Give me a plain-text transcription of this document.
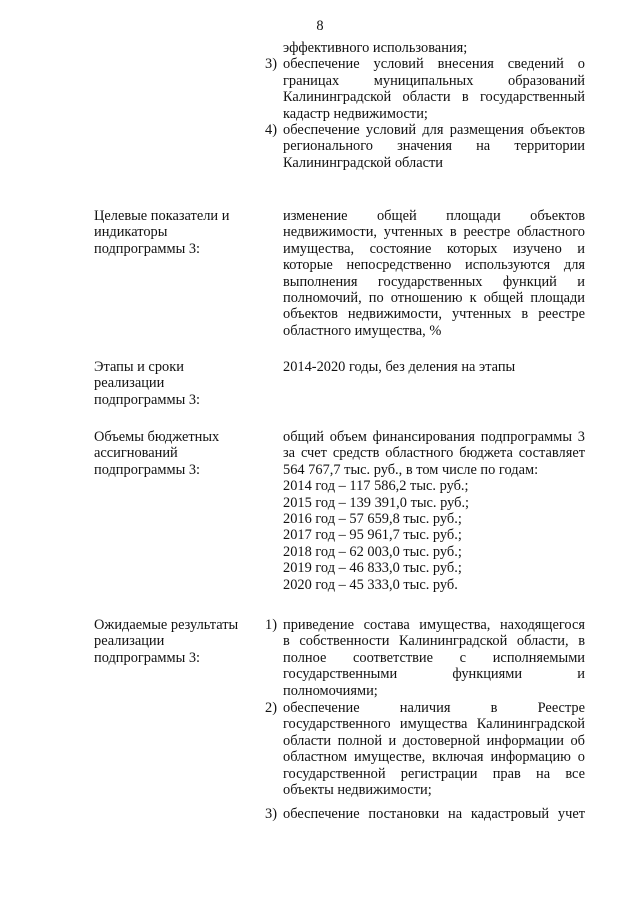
8
эффективного использования;
3) обеспечение условий внесения сведений о
границах муниципальных образований
Калининградской области в государственный
кадастр недвижимости;
4) обеспечение условий для размещения объектов
регионального значения на территории
Калининградской области
Целевые показатели и
индикаторы
подпрограммы 3:
изменение общей площади объектов
недвижимости, учтенных в реестре областного
имущества, состояние которых изучено и
которые непосредственно используются для
выполнения государственных функций и
полномочий, по отношению к общей площади
объектов недвижимости, учтенных в реестре
областного имущества, %
Этапы и сроки
реализации
подпрограммы 3:
2014-2020 годы, без деления на этапы
Объемы бюджетных
ассигнований
подпрограммы 3:
общий объем финансирования подпрограммы 3
за счет средств областного бюджета составляет
564 767,7 тыс. руб., в том числе по годам:
2014 год – 117 586,2 тыс. руб.;
2015 год – 139 391,0 тыс. руб.;
2016 год – 57 659,8 тыс. руб.;
2017 год – 95 961,7 тыс. руб.;
2018 год – 62 003,0 тыс. руб.;
2019 год – 46 833,0 тыс. руб.;
2020 год – 45 333,0 тыс. руб.
Ожидаемые результаты
реализации
подпрограммы 3:
1) приведение состава имущества, находящегося
в собственности Калининградской области, в
полное соответствие с исполняемыми
государственными функциями и
полномочиями;
2) обеспечение наличия в Реестре
государственного имущества Калининградской
области полной и достоверной информации об
областном имуществе, включая информацию о
государственной регистрации прав на все
объекты недвижимости;
3) обеспечение постановки на кадастровый учет
